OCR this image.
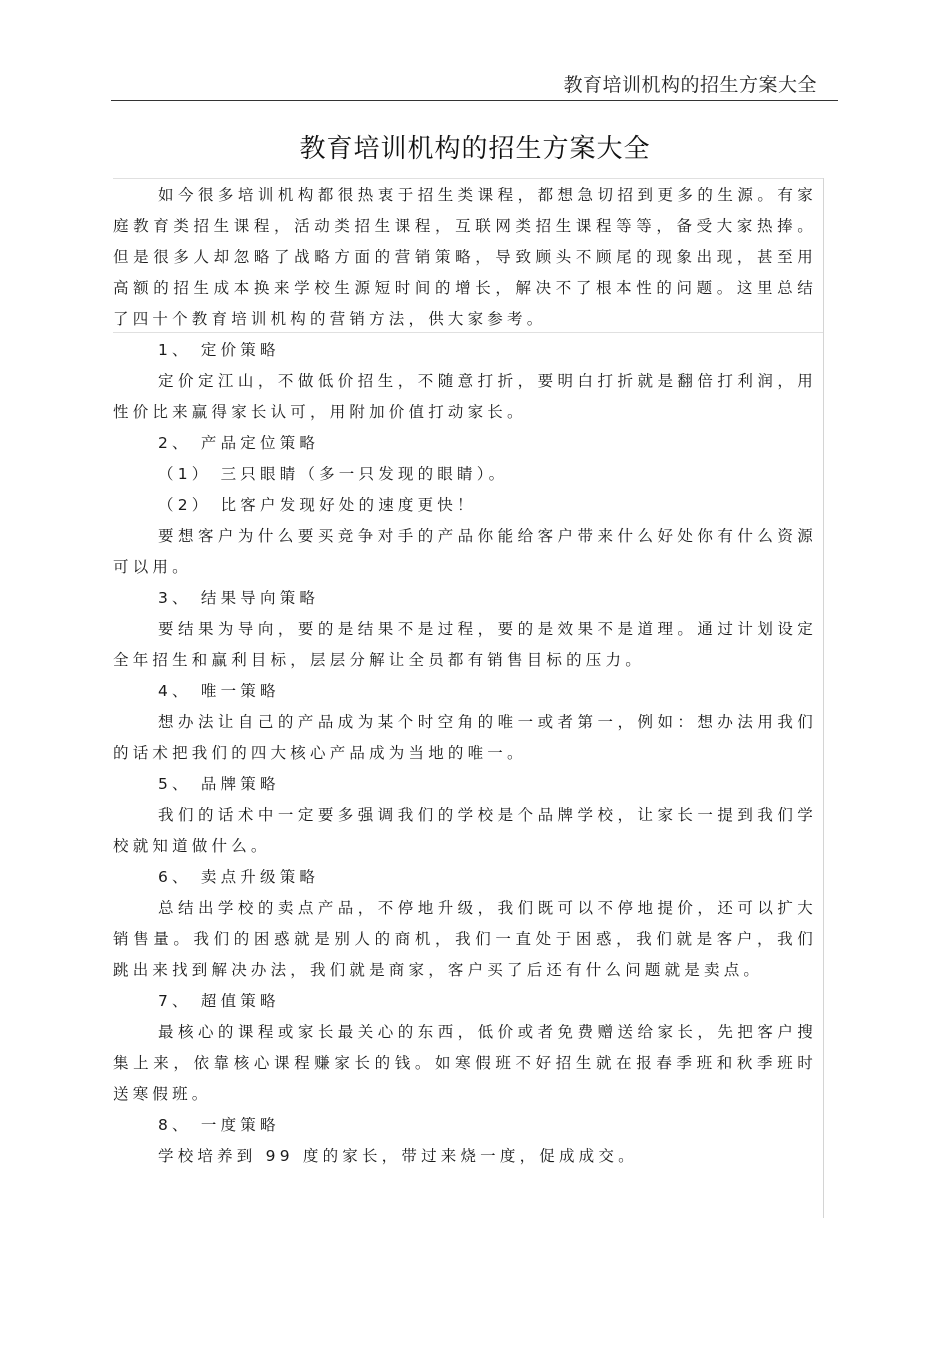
教育培训机构的招生方案大全
教育培训机构的招生方案大全

如今很多培训机构都很热衷于招生类课程，都想急切招到更多的生源。有家庭教育类招生课程，活动类招生课程，互联网类招生课程等等，备受大家热捧。但是很多人却忽略了战略方面的营销策略，导致顾头不顾尾的现象出现，甚至用高额的招生成本换来学校生源短时间的增长，解决不了根本性的问题。这里总结了四十个教育培训机构的营销方法，供大家参考。

1、 定价策略

定价定江山，不做低价招生，不随意打折，要明白打折就是翻倍打利润，用性价比来赢得家长认可，用附加价值打动家长。

2、 产品定位策略

（1） 三只眼睛（多一只发现的眼睛）。

（2） 比客户发现好处的速度更快！

要想客户为什么要买竞争对手的产品你能给客户带来什么好处你有什么资源可以用。

3、 结果导向策略

要结果为导向，要的是结果不是过程，要的是效果不是道理。通过计划设定全年招生和赢利目标，层层分解让全员都有销售目标的压力。

4、 唯一策略

想办法让自己的产品成为某个时空角的唯一或者第一，例如：想办法用我们的话术把我们的四大核心产品成为当地的唯一。

5、 品牌策略

我们的话术中一定要多强调我们的学校是个品牌学校，让家长一提到我们学校就知道做什么。

6、 卖点升级策略

总结出学校的卖点产品，不停地升级，我们既可以不停地提价，还可以扩大销售量。我们的困惑就是别人的商机，我们一直处于困惑，我们就是客户，我们跳出来找到解决办法，我们就是商家，客户买了后还有什么问题就是卖点。

7、 超值策略

最核心的课程或家长最关心的东西，低价或者免费赠送给家长，先把客户搜集上来，依靠核心课程赚家长的钱。如寒假班不好招生就在报春季班和秋季班时送寒假班。

8、 一度策略

学校培养到 99 度的家长，带过来烧一度，促成成交。
